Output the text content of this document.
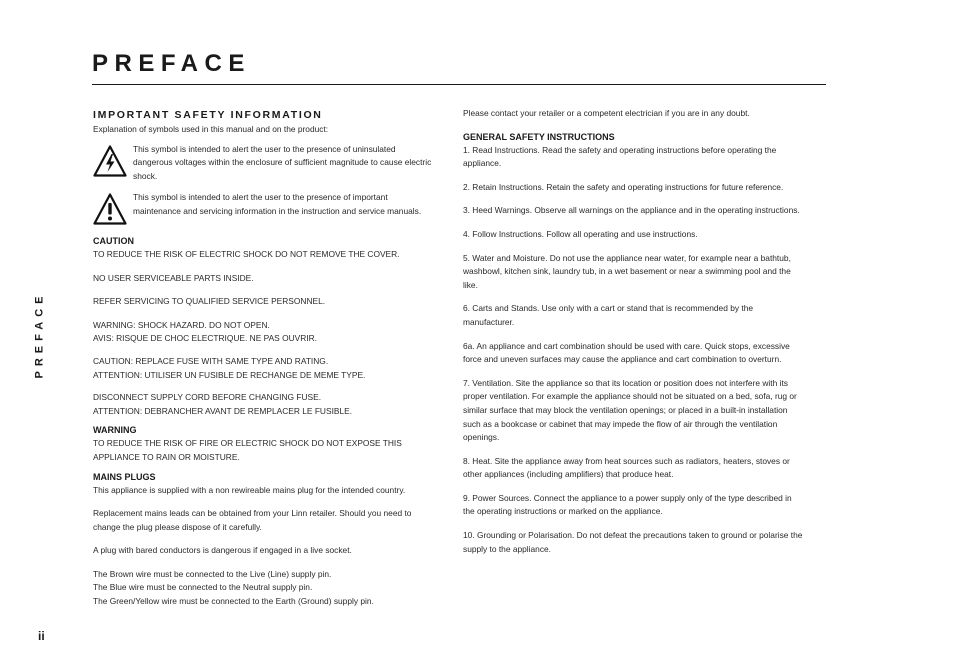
PREFACE
PREFACE
ii
IMPORTANT SAFETY INFORMATION

Explanation of symbols used in this manual and on the product:

This symbol is intended to alert the user to the presence of uninsulated dangerous voltages within the enclosure of sufficient magnitude to cause electric shock.

This symbol is intended to alert the user to the presence of important maintenance and servicing information in the instruction and service manuals.

CAUTION

TO REDUCE THE RISK OF ELECTRIC SHOCK DO NOT REMOVE THE COVER.

NO USER SERVICEABLE PARTS INSIDE.

REFER SERVICING TO QUALIFIED SERVICE PERSONNEL.

WARNING: SHOCK HAZARD. DO NOT OPEN.

AVIS: RISQUE DE CHOC ELECTRIQUE. NE PAS OUVRIR.

CAUTION: REPLACE FUSE WITH SAME TYPE AND RATING.

ATTENTION: UTILISER UN FUSIBLE DE RECHANGE DE MEME TYPE.

DISCONNECT SUPPLY CORD BEFORE CHANGING FUSE.

ATTENTION: DEBRANCHER AVANT DE REMPLACER LE FUSIBLE.

WARNING

TO REDUCE THE RISK OF FIRE OR ELECTRIC SHOCK DO NOT EXPOSE THIS APPLIANCE TO RAIN OR MOISTURE.

MAINS PLUGS

This appliance is supplied with a non rewireable mains plug for the intended country.

Replacement mains leads can be obtained from your Linn retailer. Should you need to change the plug please dispose of it carefully.

A plug with bared conductors is dangerous if engaged in a live socket.

The Brown wire must be connected to the Live (Line) supply pin.

The Blue wire must be connected to the Neutral supply pin.

The Green/Yellow wire must be connected to the Earth (Ground) supply pin.

Please contact your retailer or a competent electrician if you are in any doubt.

GENERAL SAFETY INSTRUCTIONS

1. Read Instructions. Read the safety and operating instructions before operating the appliance.

2. Retain Instructions. Retain the safety and operating instructions for future reference.

3. Heed Warnings. Observe all warnings on the appliance and in the operating instructions.

4. Follow Instructions. Follow all operating and use instructions.

5. Water and Moisture. Do not use the appliance near water, for example near a bathtub, washbowl, kitchen sink, laundry tub, in a wet basement or near a swimming pool and the like.

6. Carts and Stands. Use only with a cart or stand that is recommended by the manufacturer.

6a. An appliance and cart combination should be used with care. Quick stops, excessive force and uneven surfaces may cause the appliance and cart combination to overturn.

7. Ventilation. Site the appliance so that its location or position does not interfere with its proper ventilation. For example the appliance should not be situated on a bed, sofa, rug or similar surface that may block the ventilation openings; or placed in a built-in installation such as a bookcase or cabinet that may impede the flow of air through the ventilation openings.

8. Heat. Site the appliance away from heat sources such as radiators, heaters, stoves or other appliances (including amplifiers) that produce heat.

9. Power Sources. Connect the appliance to a power supply only of the type described in the operating instructions or marked on the appliance.

10. Grounding or Polarisation. Do not defeat the precautions taken to ground or polarise the supply to the appliance.
